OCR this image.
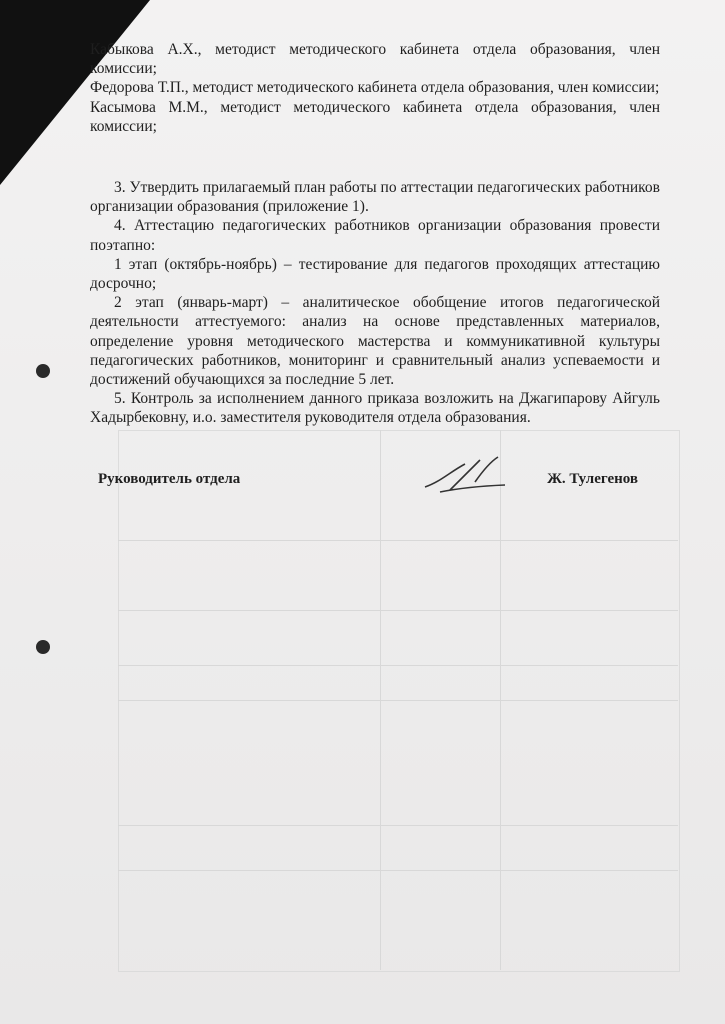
Кабыкова А.Х., методист методического кабинета отдела образования, член комиссии;
Федорова Т.П., методист методического кабинета отдела образования, член комиссии;
Касымова М.М., методист методического кабинета отдела образования, член комиссии;
3. Утвердить прилагаемый план работы по аттестации педагогических работников организации образования (приложение 1).
4. Аттестацию педагогических работников организации образования провести поэтапно:
1 этап (октябрь-ноябрь) – тестирование для педагогов проходящих аттестацию досрочно;
2 этап (январь-март) – аналитическое обобщение итогов педагогической деятельности аттестуемого: анализ на основе представленных материалов, определение уровня методического мастерства и коммуникативной культуры педагогических работников, мониторинг и сравнительный анализ успеваемости и достижений обучающихся за последние 5 лет.
5. Контроль за исполнением данного приказа возложить на Джагипарову Айгуль Хадырбековну, и.о. заместителя руководителя отдела образования.
Руководитель отдела	Ж. Тулегенов
